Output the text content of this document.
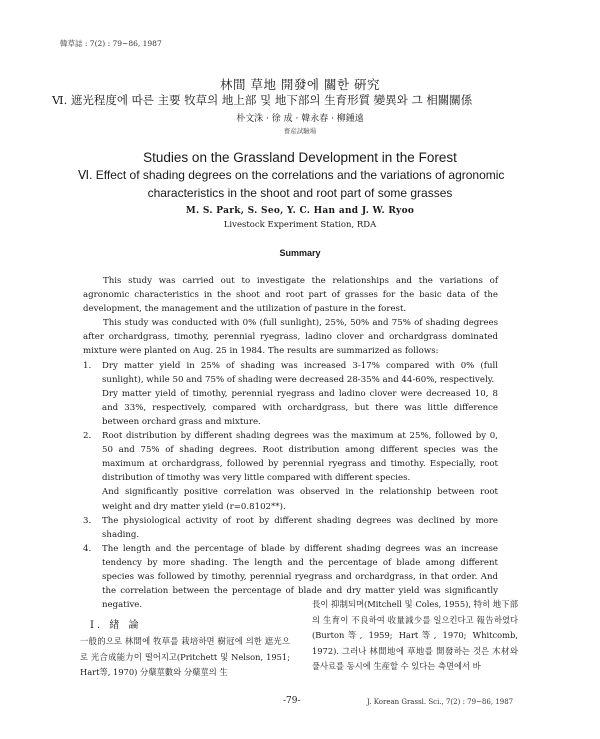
韓草誌 : 7(2) : 79~86, 1987
林間 草地 開發에 關한 硏究
Ⅵ. 遮光程度에 따른 主要 牧草의 地上部 및 地下部의 生育形質 變異와 그 相關關係
朴文洙 · 徐 成 · 韓永春 · 柳鍾遠
畜産試驗場
Studies on the Grassland Development in the Forest
Ⅵ. Effect of shading degrees on the correlations and the variations of agronomic
characteristics in the shoot and root part of some grasses
M. S. Park, S. Seo, Y. C. Han and J. W. Ryoo
Livestock Experiment Station, RDA
Summary

This study was carried out to investigate the relationships and the variations of agronomic characteristics in the shoot and root part of grasses for the basic data of the development, the management and the utilization of pasture in the forest.

This study was conducted with 0% (full sunlight), 25%, 50% and 75% of shading degrees after orchardgrass, timothy, perennial ryegrass, ladino clover and orchardgrass dominated mixture were planted on Aug. 25 in 1984. The results are summarized as follows:

1.	Dry matter yield in 25% of shading was increased 3-17% compared with 0% (full sunlight), while 50 and 75% of shading were decreased 28-35% and 44-60%, respectively.

Dry matter yield of timothy, perennial ryegrass and ladino clover were decreased 10, 8 and 33%, respectively, compared with orchardgrass, but there was little difference between orchard grass and mixture.

2.	Root distribution by different shading degrees was the maximum at 25%, followed by 0, 50 and 75% of shading degrees. Root distribution among different species was the maximum at orchardgrass, followed by perennial ryegrass and timothy. Especially, root distribution of timothy was very little compared with different species.

And significantly positive correlation was observed in the relationship between root weight and dry matter yield (r=0.8102**).

3.	The physiological activity of root by different shading degrees was declined by more shading.
4.	The length and the percentage of blade by different shading degrees was an increase tendency by more shading. The length and the percentage of blade among different species was followed by timothy, perennial ryegrass and orchardgrass, in that order. And the correlation between the percentage of blade and dry matter yield was significantly negative.
Ⅰ. 緖 論

一般的으로 林間에 牧草를 栽培하면 樹冠에 의한 遮光으로 光合成能力이 떨어지고(Pritchett 및 Nelson, 1951; Hart等, 1970) 分蘖莖數와 分蘖莖의 生

長이 抑制되며(Mitchell 및 Coles, 1955), 特히 地下部의 生育이 不良하여 收量減少를 일으킨다고 報告하였다(Burton等, 1959; Hart等, 1970; Whitcomb, 1972). 그러나 林間地에 草地를 開發하는 것은 木材와 풀사료를 동시에 生産할 수 있다는 측면에서 바

-79-	J. Korean Grassl. Sci., 7(2) : 79~86, 1987
